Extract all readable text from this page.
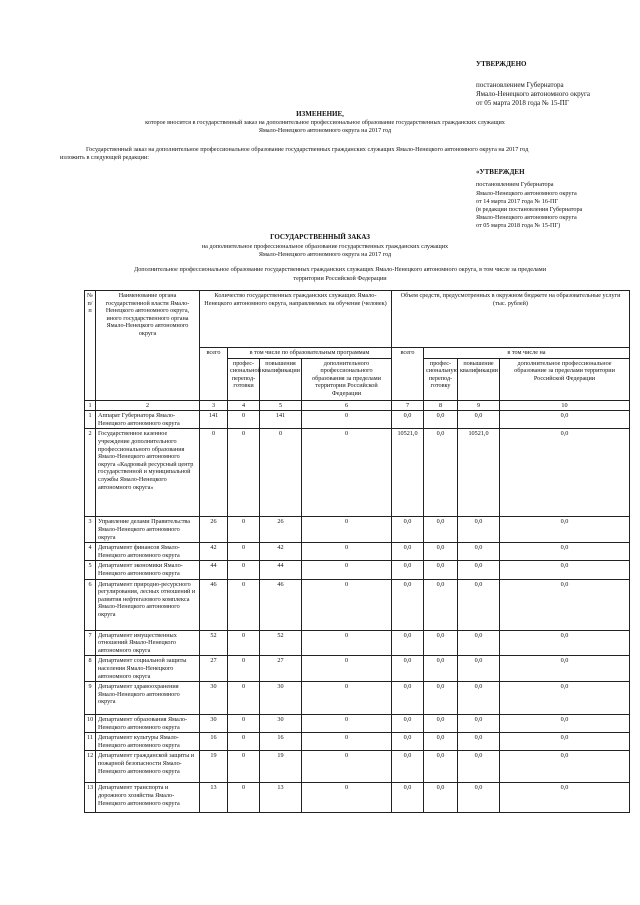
УТВЕРЖДЕНО
постановлением Губернатора
Ямало-Ненецкого автономного округа
от 05 марта 2018 года № 15-ПГ
ИЗМЕНЕНИЕ,
которое вносится в государственный заказ на дополнительное профессиональное образование государственных гражданских служащих
Ямало-Ненецкого автономного округа на 2017 год
Государственный заказ на дополнительное профессиональное образование государственных гражданских служащих Ямало-Ненецкого автономного округа на 2017 год
изложить в следующей редакции:
«УТВЕРЖДЕН
постановлением Губернатора
Ямало-Ненецкого автономного округа
от 14 марта 2017 года № 16-ПГ
(в редакции постановления Губернатора
Ямало-Ненецкого автономного округа
от 05 марта 2018 года № 15-ПГ)
ГОСУДАРСТВЕННЫЙ ЗАКАЗ
на дополнительное профессиональное образование государственных гражданских служащих
Ямало-Ненецкого автономного округа на 2017 год
Дополнительное профессиональное образование государственных гражданских служащих Ямало-Ненецкого автономного округа, в том числе за пределами
территории Российской Федерации
№ п/п	Наименование органа государственной власти Ямало-Ненецкого автономного округа, иного государственного органа Ямало-Ненецкого автономного округа	Количество государственных гражданских служащих Ямало-Ненецкого автономного округа, направляемых на обучение (человек)				Объем средств, предусмотренных в окружном бюджете на образовательные услуги (тыс. рублей)			
		всего	в том числе по образовательным программам			всего	в том числе на		
			профес-сиональной перепод-готовки	повышения квалификации	дополнительного профессионального образования за пределами территории Российской Федерации		профес-сиональную перепод-готовку	повышение квалификации	дополнительное профессиональное образование за пределами территории Российской Федерации
1	2	3	4	5	6	7	8	9	10
1	Аппарат Губернатора Ямало-Ненецкого автономного округа	141	0	141	0	0,0	0,0	0,0	0,0
2	Государственное казенное учреждение дополнительного профессионального образования Ямало-Ненецкого автономного округа «Кадровый ресурсный центр государственной и муниципальной службы Ямало-Ненецкого автономного округа»	0	0	0	0	10521,0	0,0	10521,0	0,0
3	Управление делами Правительства Ямало-Ненецкого автономного округа	26	0	26	0	0,0	0,0	0,0	0,0
4	Департамент финансов Ямало-Ненецкого автономного округа	42	0	42	0	0,0	0,0	0,0	0,0
5	Департамент экономики Ямало-Ненецкого автономного округа	44	0	44	0	0,0	0,0	0,0	0,0
6	Департамент природно-ресурсного регулирования, лесных отношений и развития нефтегазового комплекса Ямало-Ненецкого автономного округа	46	0	46	0	0,0	0,0	0,0	0,0
7	Департамент имущественных отношений Ямало-Ненецкого автономного округа	52	0	52	0	0,0	0,0	0,0	0,0
8	Департамент социальной защиты населения Ямало-Ненецкого автономного округа	27	0	27	0	0,0	0,0	0,0	0,0
9	Департамент здравоохранения Ямало-Ненецкого автономного округа	30	0	30	0	0,0	0,0	0,0	0,0
10	Департамент образования Ямало-Ненецкого автономного округа	30	0	30	0	0,0	0,0	0,0	0,0
11	Департамент культуры Ямало-Ненецкого автономного округа	16	0	16	0	0,0	0,0	0,0	0,0
12	Департамент гражданской защиты и пожарной безопасности Ямало-Ненецкого автономного округа	19	0	19	0	0,0	0,0	0,0	0,0
13	Департамент транспорта и дорожного хозяйства Ямало-Ненецкого автономного округа	13	0	13	0	0,0	0,0	0,0	0,0
